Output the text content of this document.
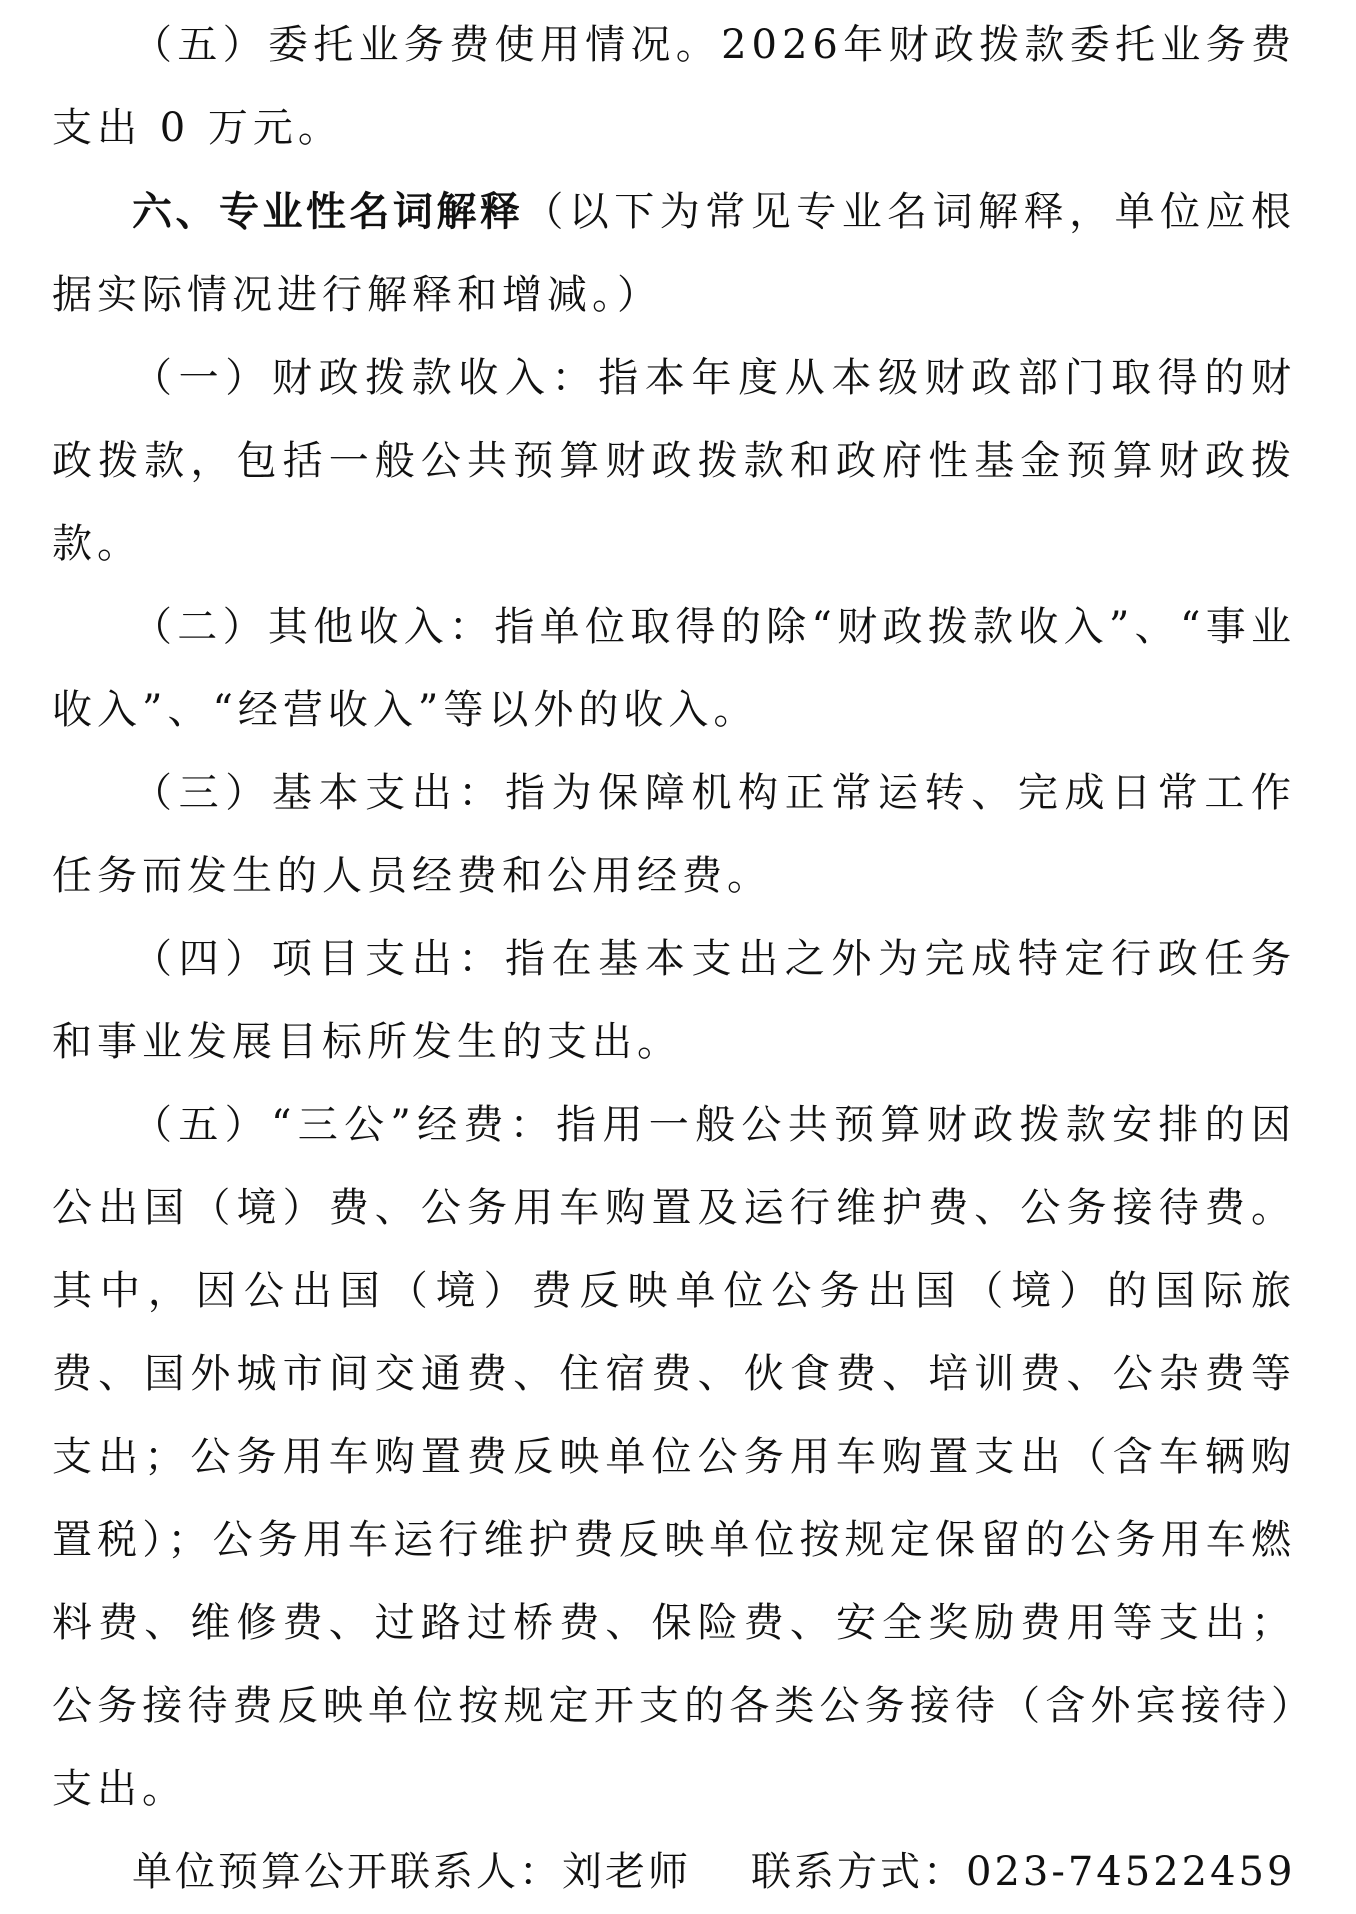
（五）委托业务费使用情况。2026年财政拨款委托业务费支出 0 万元。

六、专业性名词解释（以下为常见专业名词解释，单位应根据实际情况进行解释和增减。）

（一）财政拨款收入：指本年度从本级财政部门取得的财政拨款，包括一般公共预算财政拨款和政府性基金预算财政拨款。

（二）其他收入：指单位取得的除“财政拨款收入”、“事业收入”、“经营收入”等以外的收入。

（三）基本支出：指为保障机构正常运转、完成日常工作任务而发生的人员经费和公用经费。

（四）项目支出：指在基本支出之外为完成特定行政任务和事业发展目标所发生的支出。

（五）“三公”经费：指用一般公共预算财政拨款安排的因公出国（境）费、公务用车购置及运行维护费、公务接待费。其中，因公出国（境）费反映单位公务出国（境）的国际旅费、国外城市间交通费、住宿费、伙食费、培训费、公杂费等支出；公务用车购置费反映单位公务用车购置支出（含车辆购置税）；公务用车运行维护费反映单位按规定保留的公务用车燃料费、维修费、过路过桥费、保险费、安全奖励费用等支出；公务接待费反映单位按规定开支的各类公务接待（含外宾接待）支出。

单位预算公开联系人：刘老师 联系方式：023-74522459
